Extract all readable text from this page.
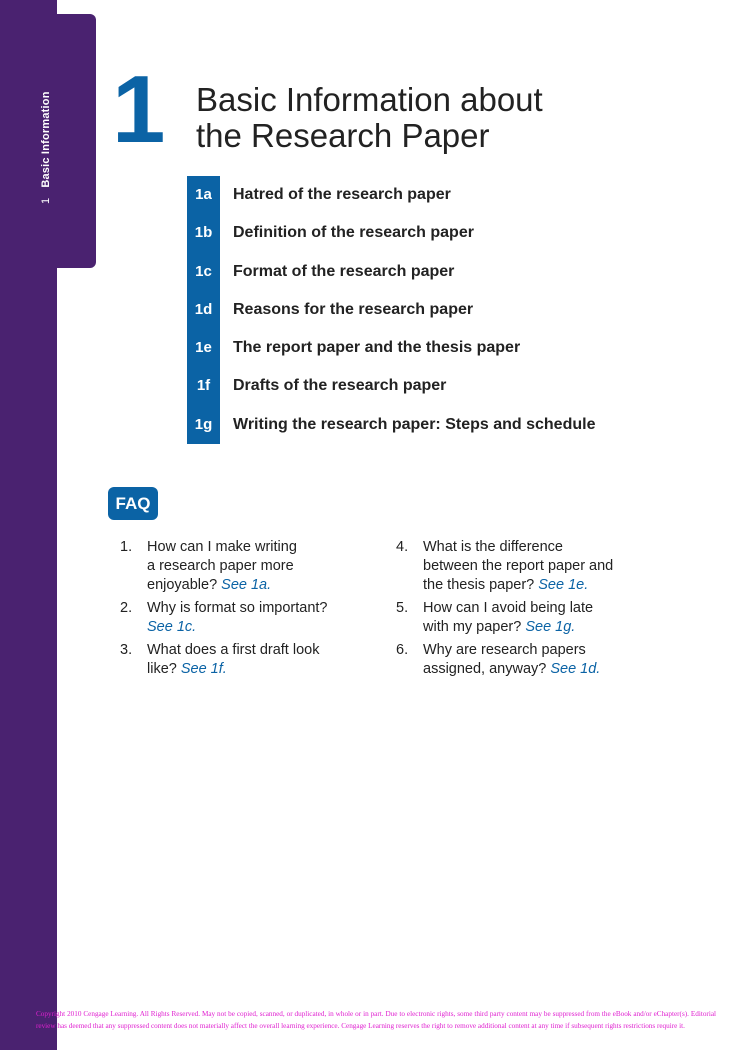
1Basic Information 1 Basic Information about
the Research Paper
1a	Hatred of the research paper
1b	Definition of the research paper
1c	Format of the research paper
1d	Reasons for the research paper
1e	The report paper and the thesis paper
1f	Drafts of the research paper
1g	Writing the research paper: Steps and schedule
FAQ
1. How can I make writing
a research paper more
enjoyable? See 1a.
2. Why is format so important?
See 1c.
3. What does a first draft look
like? See 1f.
4. What is the difference
between the report paper and
the thesis paper? See 1e.
5. How can I avoid being late
with my paper? See 1g.
6. Why are research papers
assigned, anyway? See 1d.
Copyright 2010 Cengage Learning. All Rights Reserved. May not be copied, scanned, or duplicated, in whole or in part. Due to electronic rights, some third party content may be suppressed from the eBook and/or eChapter(s). Editorial review has deemed that any suppressed content does not materially affect the overall learning experience. Cengage Learning reserves the right to remove additional content at any time if subsequent rights restrictions require it.
